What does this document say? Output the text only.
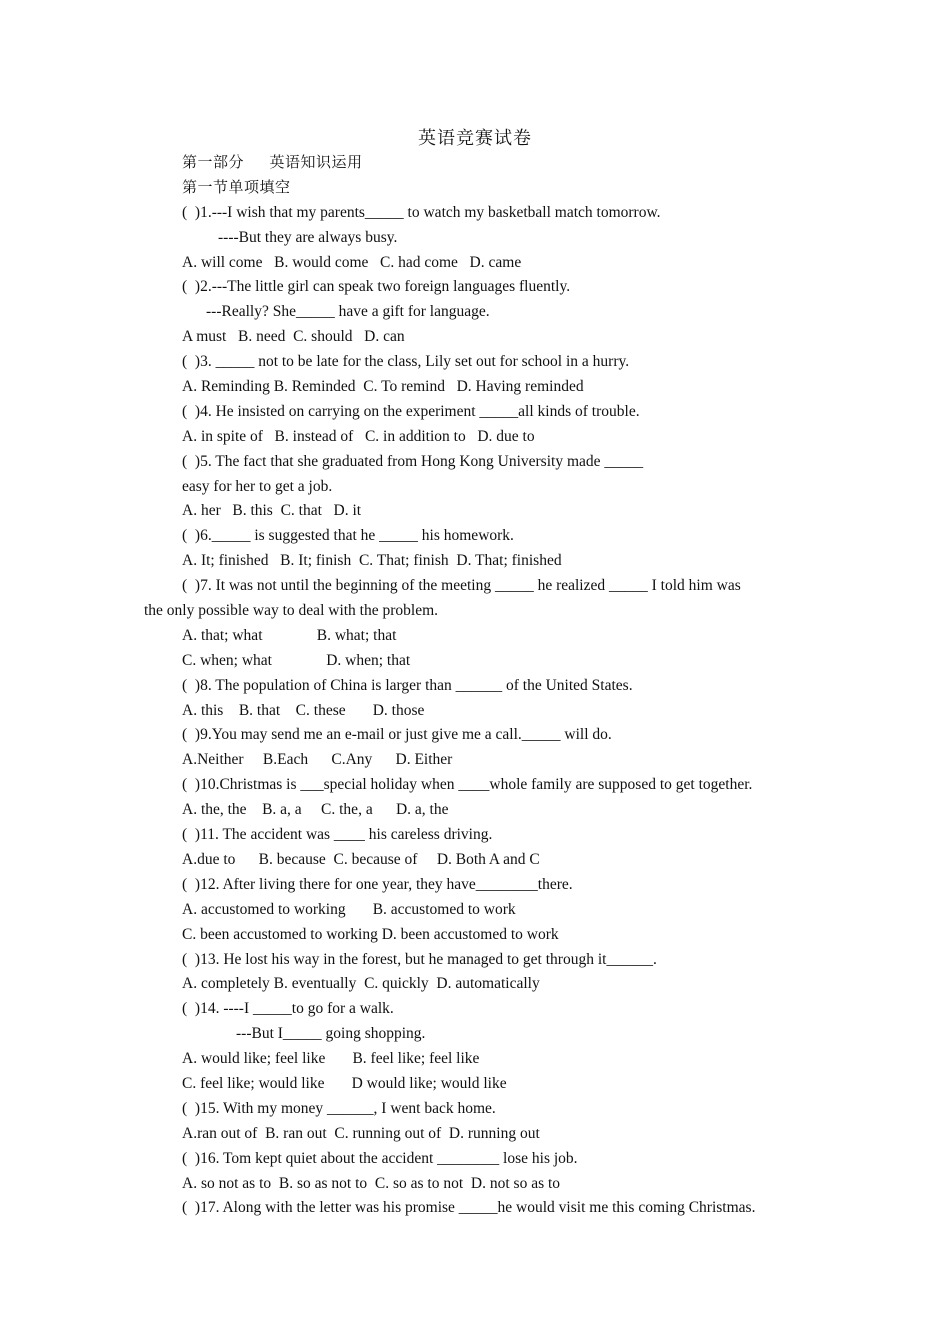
英语竞赛试卷
第一部分      英语知识运用
第一节单项填空
(  )1.---I wish that my parents_____ to watch my basketball match tomorrow.
----But they are always busy.
A. will come   B. would come   C. had come   D. came
(  )2.---The little girl can speak two foreign languages fluently.
---Really? She_____ have a gift for language.
A must   B. need  C. should   D. can
(  )3. _____ not to be late for the class, Lily set out for school in a hurry.
A. Reminding B. Reminded  C. To remind   D. Having reminded
(  )4. He insisted on carrying on the experiment _____all kinds of trouble.
A. in spite of   B. instead of   C. in addition to   D. due to
(  )5. The fact that she graduated from Hong Kong University made _____
easy for her to get a job.
A. her   B. this  C. that   D. it
(  )6._____ is suggested that he _____ his homework.
A. It; finished   B. It; finish  C. That; finish  D. That; finished
(  )7. It was not until the beginning of the meeting _____ he realized _____ I told him was
the only possible way to deal with the problem.
A. that; what              B. what; that
C. when; what              D. when; that
(  )8. The population of China is larger than ______ of the United States.
A. this    B. that    C. these       D. those
(  )9.You may send me an e-mail or just give me a call._____ will do.
A.Neither     B.Each      C.Any      D. Either
(  )10.Christmas is ___special holiday when ____whole family are supposed to get together.
A. the, the    B. a, a     C. the, a      D. a, the
(  )11. The accident was ____ his careless driving.
A.due to      B. because  C. because of     D. Both A and C
(  )12. After living there for one year, they have________there.
A. accustomed to working       B. accustomed to work
C. been accustomed to working D. been accustomed to work
(  )13. He lost his way in the forest, but he managed to get through it______.
A. completely B. eventually  C. quickly  D. automatically
(  )14. ----I _____to go for a walk.
---But I_____ going shopping.
A. would like; feel like       B. feel like; feel like
C. feel like; would like       D would like; would like
(  )15. With my money ______, I went back home.
A.ran out of  B. ran out  C. running out of  D. running out
(  )16. Tom kept quiet about the accident ________ lose his job.
A. so not as to  B. so as not to  C. so as to not  D. not so as to
(  )17. Along with the letter was his promise _____he would visit me this coming Christmas.
